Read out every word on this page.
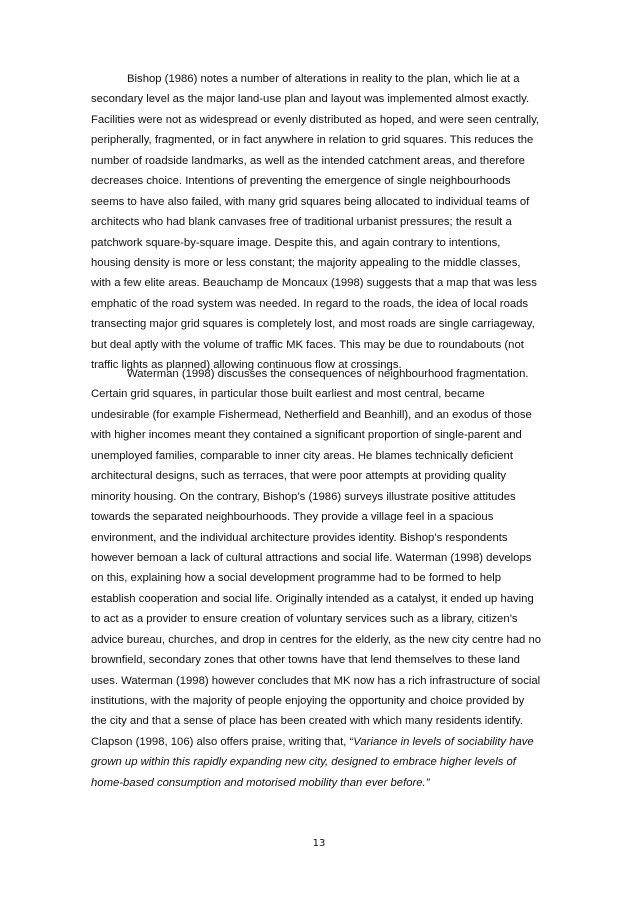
Bishop (1986) notes a number of alterations in reality to the plan, which lie at a
secondary level as the major land-use plan and layout was implemented almost exactly.
Facilities were not as widespread or evenly distributed as hoped, and were seen centrally,
peripherally, fragmented, or in fact anywhere in relation to grid squares. This reduces the
number of roadside landmarks, as well as the intended catchment areas, and therefore
decreases choice. Intentions of preventing the emergence of single neighbourhoods
seems to have also failed, with many grid squares being allocated to individual teams of
architects who had blank canvases free of traditional urbanist pressures; the result a
patchwork square-by-square image. Despite this, and again contrary to intentions,
housing density is more or less constant; the majority appealing to the middle classes,
with a few elite areas. Beauchamp de Moncaux (1998) suggests that a map that was less
emphatic of the road system was needed. In regard to the roads, the idea of local roads
transecting major grid squares is completely lost, and most roads are single carriageway,
but deal aptly with the volume of traffic MK faces. This may be due to roundabouts (not
traffic lights as planned) allowing continuous flow at crossings.
Waterman (1998) discusses the consequences of neighbourhood fragmentation.
Certain grid squares, in particular those built earliest and most central, became
undesirable (for example Fishermead, Netherfield and Beanhill), and an exodus of those
with higher incomes meant they contained a significant proportion of single-parent and
unemployed families, comparable to inner city areas. He blames technically deficient
architectural designs, such as terraces, that were poor attempts at providing quality
minority housing. On the contrary, Bishop’s (1986) surveys illustrate positive attitudes
towards the separated neighbourhoods. They provide a village feel in a spacious
environment, and the individual architecture provides identity. Bishop’s respondents
however bemoan a lack of cultural attractions and social life. Waterman (1998) develops
on this, explaining how a social development programme had to be formed to help
establish cooperation and social life. Originally intended as a catalyst, it ended up having
to act as a provider to ensure creation of voluntary services such as a library, citizen’s
advice bureau, churches, and drop in centres for the elderly, as the new city centre had no
brownfield, secondary zones that other towns have that lend themselves to these land
uses. Waterman (1998) however concludes that MK now has a rich infrastructure of social
institutions, with the majority of people enjoying the opportunity and choice provided by
the city and that a sense of place has been created with which many residents identify.
Clapson (1998, 106) also offers praise, writing that, “Variance in levels of sociability have
grown up within this rapidly expanding new city, designed to embrace higher levels of
home-based consumption and motorised mobility than ever before.”
13
